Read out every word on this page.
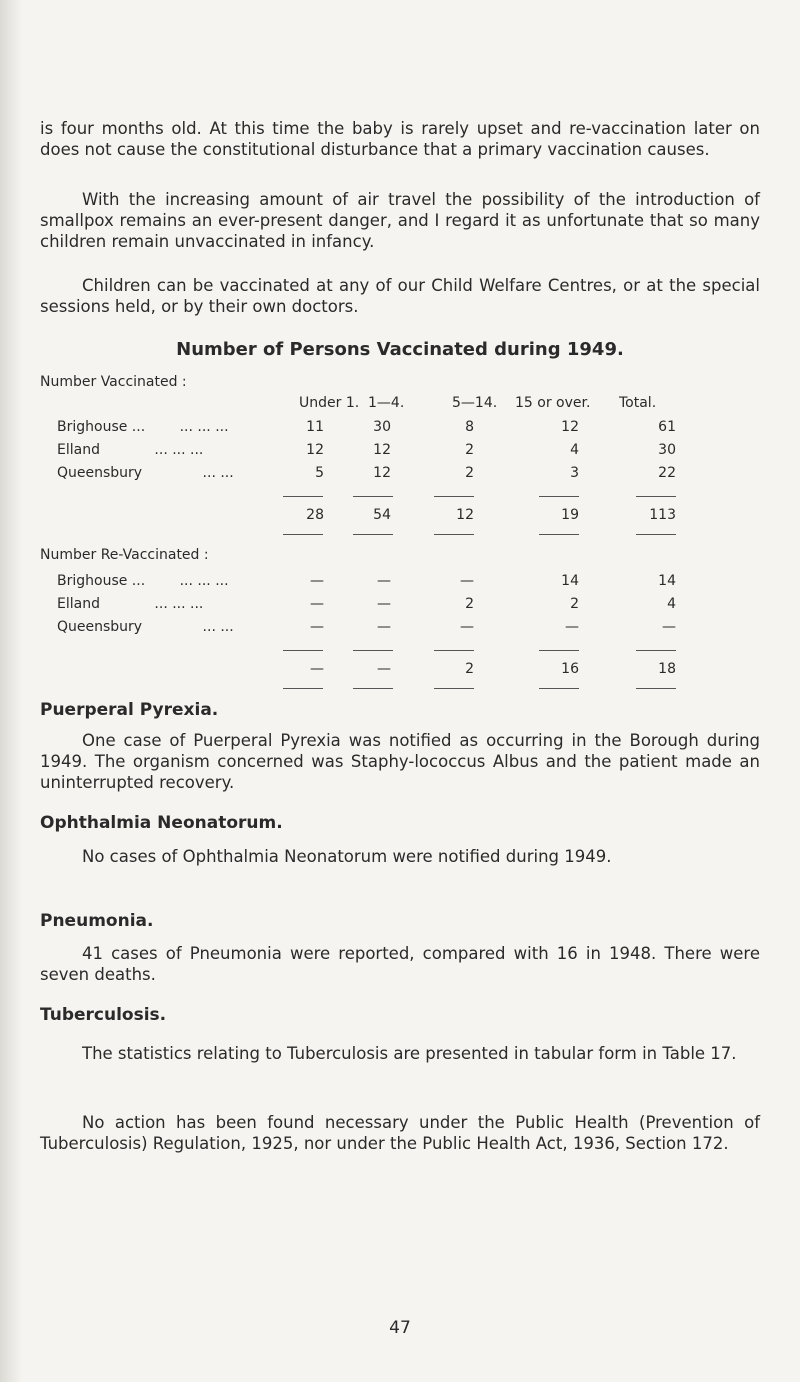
is four months old. At this time the baby is rarely upset and re-vaccination later on does not cause the constitutional disturbance that a primary vaccination causes.

With the increasing amount of air travel the possibility of the introduction of smallpox remains an ever-present danger, and I regard it as unfortunate that so many children remain unvaccinated in infancy.

Children can be vaccinated at any of our Child Welfare Centres, or at the special sessions held, or by their own doctors.

Number of Persons Vaccinated during 1949.
Number Vaccinated :
Under 1. 1—4.	5—14. 15 or over. Total.
Brighouse ... ... ... ...	11	30	8	12	61
Elland	... ... ...	12	12	2	4	30
Queensbury	... ...	5	12	2	3	22
28	54	12	19	113
Number Re-Vaccinated :
Brighouse ... ... ... ...	—	—	—	14	14
Elland	... ... ...	—	—	2	2	4
Queensbury	... ...	—	—	—	—	—
—	—	2	16	18
Puerperal Pyrexia.

One case of Puerperal Pyrexia was notified as occurring in the Borough during 1949. The organism concerned was Staphy-lococcus Albus and the patient made an uninterrupted recovery.

Ophthalmia Neonatorum.

No cases of Ophthalmia Neonatorum were notified during 1949.

Pneumonia.

41 cases of Pneumonia were reported, compared with 16 in 1948. There were seven deaths.

Tuberculosis.

The statistics relating to Tuberculosis are presented in tabular form in Table 17.

No action has been found necessary under the Public Health (Prevention of Tuberculosis) Regulation, 1925, nor under the Public Health Act, 1936, Section 172.

47
